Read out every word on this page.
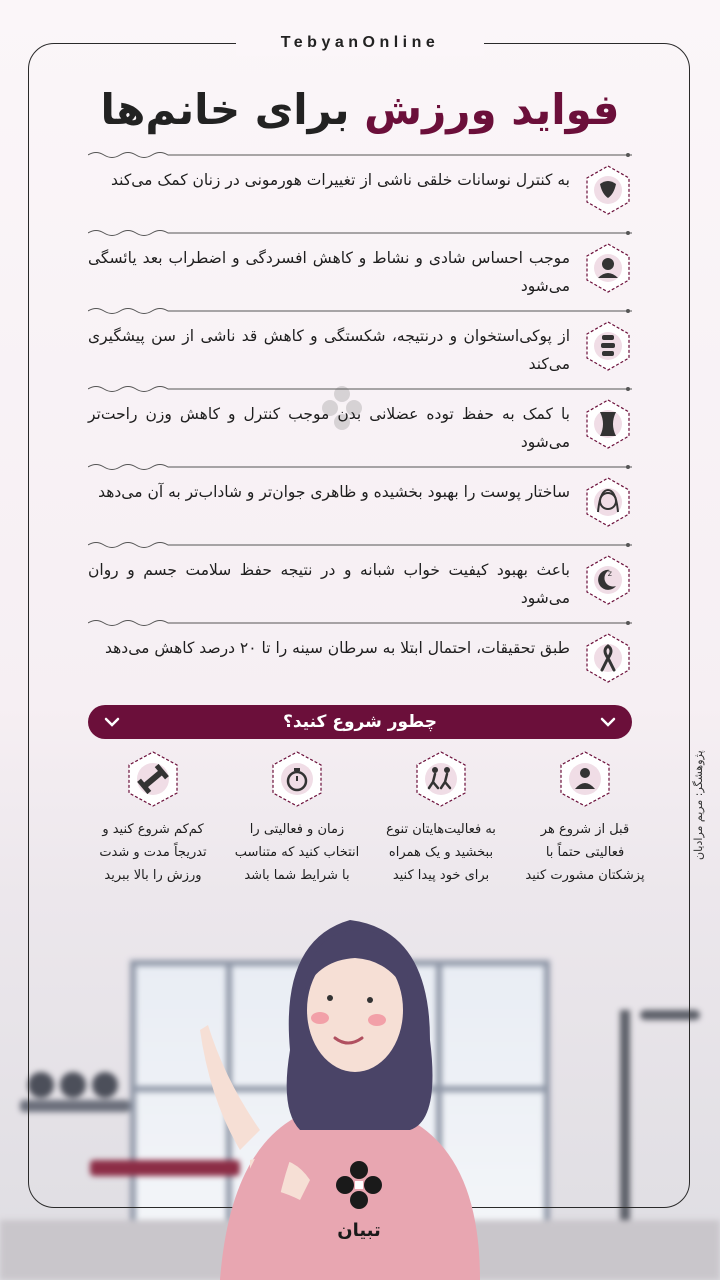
TebyanOnline
فواید ورزش برای خانم‌ها
به کنترل نوسانات خلقی ناشی از تغییرات هورمونی در زنان کمک می‌کند
موجب احساس شادی و نشاط و کاهش افسردگی و اضطراب بعد یائسگی می‌شود
از پوکی‌استخوان و درنتیجه، شکستگی و کاهش قد ناشی از سن پیشگیری می‌کند
با کمک به حفظ توده عضلانی بدن موجب کنترل و کاهش وزن راحت‌تر می‌شود
ساختار پوست را بهبود بخشیده و ظاهری جوان‌تر و شاداب‌تر به آن می‌دهد
z
باعث بهبود کیفیت خواب شبانه و در نتیجه حفظ سلامت جسم و روان می‌شود
طبق تحقیقات، احتمال ابتلا به سرطان سینه را تا ۲۰ درصد کاهش می‌دهد
چطور شروع کنید؟
قبل از شروع هر فعالیتی حتماً با پزشکتان مشورت کنید
به فعالیت‌هایتان تنوع ببخشید و یک همراه برای خود پیدا کنید
زمان و فعالیتی را انتخاب کنید که متناسب با شرایط شما باشد
کم‌کم شروع کنید و تدریجاً مدت و شدت ورزش را بالا ببرید
پژوهشگر: مریم مرادیان
تبیان
